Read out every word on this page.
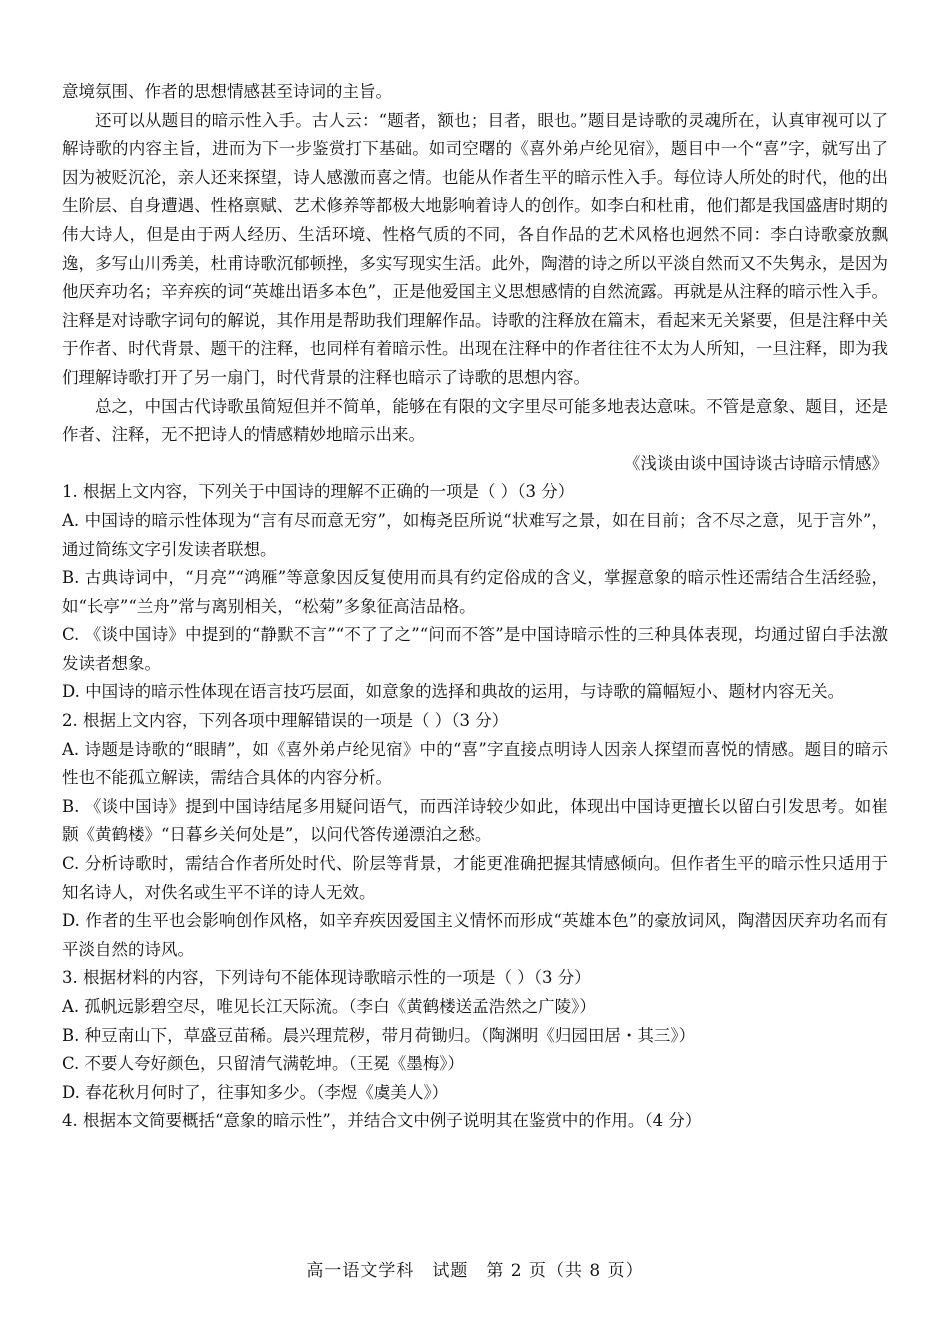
意境氛围、作者的思想情感甚至诗词的主旨。

还可以从题目的暗示性入手。古人云：“题者，额也；目者，眼也。”题目是诗歌的灵魂所在，认真审视可以了解诗歌的内容主旨，进而为下一步鉴赏打下基础。如司空曙的《喜外弟卢纶见宿》，题目中一个“喜”字，就写出了因为被贬沉沦，亲人还来探望，诗人感激而喜之情。也能从作者生平的暗示性入手。每位诗人所处的时代，他的出生阶层、自身遭遇、性格禀赋、艺术修养等都极大地影响着诗人的创作。如李白和杜甫，他们都是我国盛唐时期的伟大诗人，但是由于两人经历、生活环境、性格气质的不同，各自作品的艺术风格也迥然不同：李白诗歌豪放飘逸，多写山川秀美，杜甫诗歌沉郁顿挫，多实写现实生活。此外，陶潜的诗之所以平淡自然而又不失隽永，是因为他厌弃功名；辛弃疾的词“英雄出语多本色”，正是他爱国主义思想感情的自然流露。再就是从注释的暗示性入手。注释是对诗歌字词句的解说，其作用是帮助我们理解作品。诗歌的注释放在篇末，看起来无关紧要，但是注释中关于作者、时代背景、题干的注释，也同样有着暗示性。出现在注释中的作者往往不太为人所知，一旦注释，即为我们理解诗歌打开了另一扇门，时代背景的注释也暗示了诗歌的思想内容。

总之，中国古代诗歌虽简短但并不简单，能够在有限的文字里尽可能多地表达意味。不管是意象、题目，还是作者、注释，无不把诗人的情感精妙地暗示出来。

《浅谈由谈中国诗谈古诗暗示情感》

1. 根据上文内容，下列关于中国诗的理解不正确的一项是（ ）（3 分）

A. 中国诗的暗示性体现为“言有尽而意无穷”，如梅尧臣所说“状难写之景，如在目前；含不尽之意，见于言外”，通过简练文字引发读者联想。

B. 古典诗词中，“月亮”“鸿雁”等意象因反复使用而具有约定俗成的含义，掌握意象的暗示性还需结合生活经验，如“长亭”“兰舟”常与离别相关，“松菊”多象征高洁品格。

C. 《谈中国诗》中提到的“静默不言”“不了了之”“问而不答”是中国诗暗示性的三种具体表现，均通过留白手法激发读者想象。

D. 中国诗的暗示性体现在语言技巧层面，如意象的选择和典故的运用，与诗歌的篇幅短小、题材内容无关。

2. 根据上文内容，下列各项中理解错误的一项是（ ）（3 分）

A. 诗题是诗歌的“眼睛”，如《喜外弟卢纶见宿》中的“喜”字直接点明诗人因亲人探望而喜悦的情感。题目的暗示性也不能孤立解读，需结合具体的内容分析。

B. 《谈中国诗》提到中国诗结尾多用疑问语气，而西洋诗较少如此，体现出中国诗更擅长以留白引发思考。如崔颢《黄鹤楼》“日暮乡关何处是”，以问代答传递漂泊之愁。

C. 分析诗歌时，需结合作者所处时代、阶层等背景，才能更准确把握其情感倾向。但作者生平的暗示性只适用于知名诗人，对佚名或生平不详的诗人无效。

D. 作者的生平也会影响创作风格，如辛弃疾因爱国主义情怀而形成“英雄本色”的豪放词风，陶潜因厌弃功名而有平淡自然的诗风。

3. 根据材料的内容，下列诗句不能体现诗歌暗示性的一项是（ ）（3 分）

A. 孤帆远影碧空尽，唯见长江天际流。（李白《黄鹤楼送孟浩然之广陵》）

B. 种豆南山下，草盛豆苗稀。晨兴理荒秽，带月荷锄归。（陶渊明《归园田居・其三》）

C. 不要人夸好颜色，只留清气满乾坤。（王冕《墨梅》）

D. 春花秋月何时了，往事知多少。（李煜《虞美人》）

4. 根据本文简要概括“意象的暗示性”，并结合文中例子说明其在鉴赏中的作用。（4 分）

高一语文学科　试题　第 2 页（共 8 页）
